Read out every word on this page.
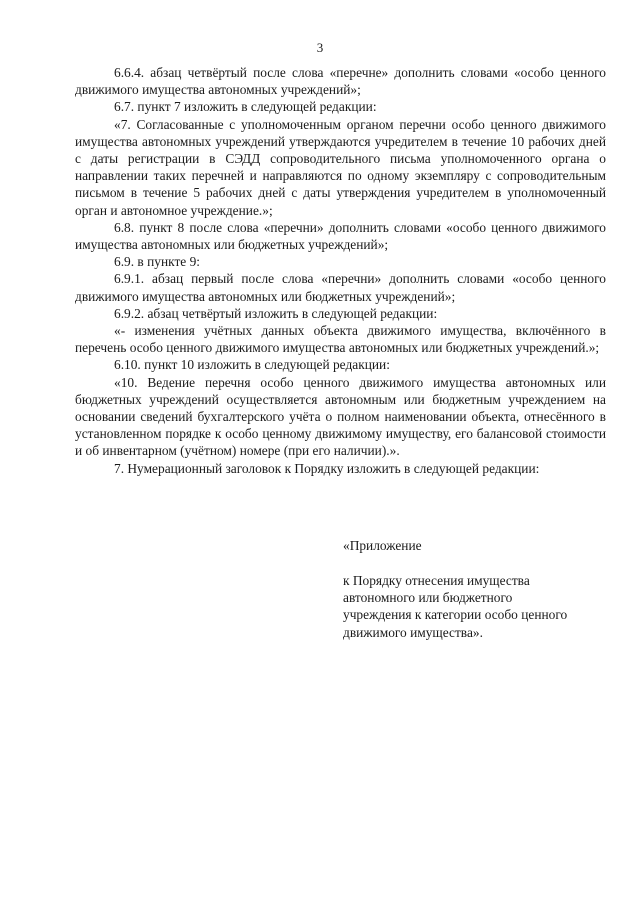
3

6.6.4. абзац четвёртый после слова «перечне» дополнить словами «особо ценного движимого имущества автономных учреждений»;

6.7. пункт 7 изложить в следующей редакции:

«7. Согласованные с уполномоченным органом перечни особо ценного движимого имущества автономных учреждений утверждаются учредителем в течение 10 рабочих дней с даты регистрации в СЭДД сопроводительного письма уполномоченного органа о направлении таких перечней и направляются по одному экземпляру с сопроводительным письмом в течение 5 рабочих дней с даты утверждения учредителем в уполномоченный орган и автономное учреждение.»;

6.8. пункт 8 после слова «перечни» дополнить словами «особо ценного движимого имущества автономных или бюджетных учреждений»;

6.9. в пункте 9:

6.9.1. абзац первый после слова «перечни» дополнить словами «особо ценного движимого имущества автономных или бюджетных учреждений»;

6.9.2. абзац четвёртый изложить в следующей редакции:

«- изменения учётных данных объекта движимого имущества, включённого в перечень особо ценного движимого имущества автономных или бюджетных учреждений.»;

6.10. пункт 10 изложить в следующей редакции:

«10. Ведение перечня особо ценного движимого имущества автономных или бюджетных учреждений осуществляется автономным или бюджетным учреждением на основании сведений бухгалтерского учёта о полном наименовании объекта, отнесённого в установленном порядке к особо ценному движимому имуществу, его балансовой стоимости и об инвентарном (учётном) номере (при его наличии).».

7. Нумерационный заголовок к Порядку изложить в следующей редакции:

«Приложение
к Порядку отнесения имущества
автономного или бюджетного
учреждения к категории особо ценного
движимого имущества».
